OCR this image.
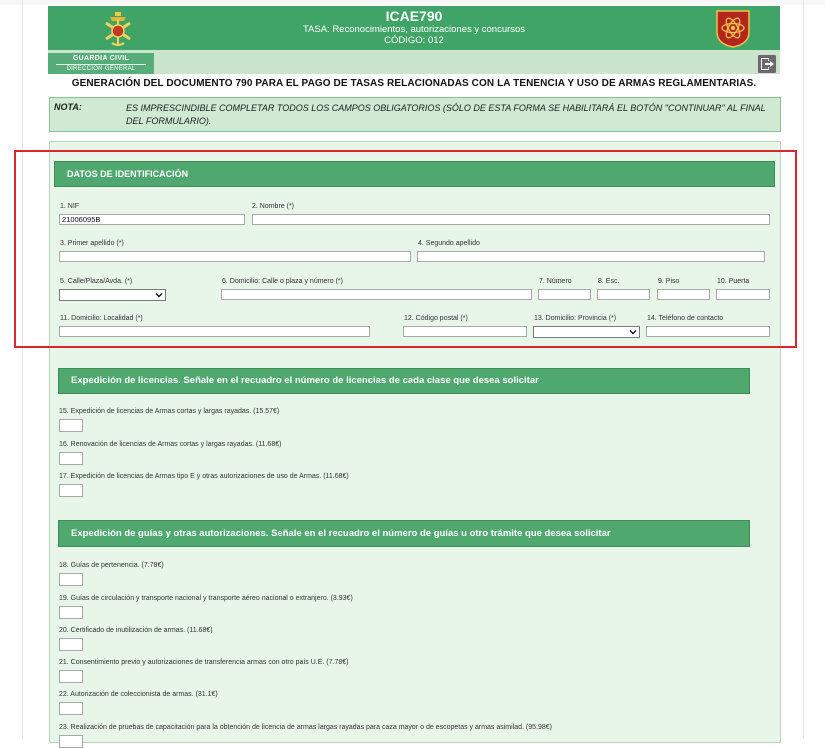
ICAE790
TASA: Reconocimientos, autorizaciones y concursos
CÓDIGO: 012
GUARDIA CIVIL
DIRECCIÓN GENERAL
GENERACIÓN DEL DOCUMENTO 790 PARA EL PAGO DE TASAS RELACIONADAS CON LA TENENCIA Y USO DE ARMAS REGLAMENTARIAS.
NOTA:	ES IMPRESCINDIBLE COMPLETAR TODOS LOS CAMPOS OBLIGATORIOS (SÓLO DE ESTA FORMA SE HABILITARÁ EL BOTÓN "CONTINUAR" AL FINAL DEL FORMULARIO).
DATOS DE IDENTIFICACIÓN
1. NIF
21006095B
2. Nombre (*)
3. Primer apellido (*)	4. Segundo apellido
5. Calle/Plaza/Avda. (*)	6. Domicilio: Calle o plaza y número (*)	7. Número	8. Esc.	9. Piso	10. Puerta
11. Domicilio: Localidad (*)	12. Código postal (*)	13. Domicilio: Provincia (*)	14. Teléfono de contacto
Expedición de licencias. Señale en el recuadro el número de licencias de cada clase que desea solicitar
15. Expedición de licencias de Armas cortas y largas rayadas. (15.57€)
16. Renovación de licencias de Armas cortas y largas rayadas. (11.68€)
17. Expedición de licencias de Armas tipo E y otras autorizaciones de uso de Armas. (11.68€)
Expedición de guías y otras autorizaciones. Señale en el recuadro el número de guías u otro trámite que desea solicitar
18. Guías de pertenencia. (7.78€)
19. Guías de circulación y transporte nacional y transporte aéreo nacional o extranjero. (3.93€)
20. Certificado de inutilización de armas. (11.68€)
21. Consentimiento previo y autorizaciones de transferencia armas con otro país U.E. (7.78€)
22. Autorización de coleccionista de armas. (31.1€)
23. Realización de pruebas de capacitación para la obtención de licencia de armas largas rayadas para caza mayor o de escopetas y armas asimilad. (95.98€)
